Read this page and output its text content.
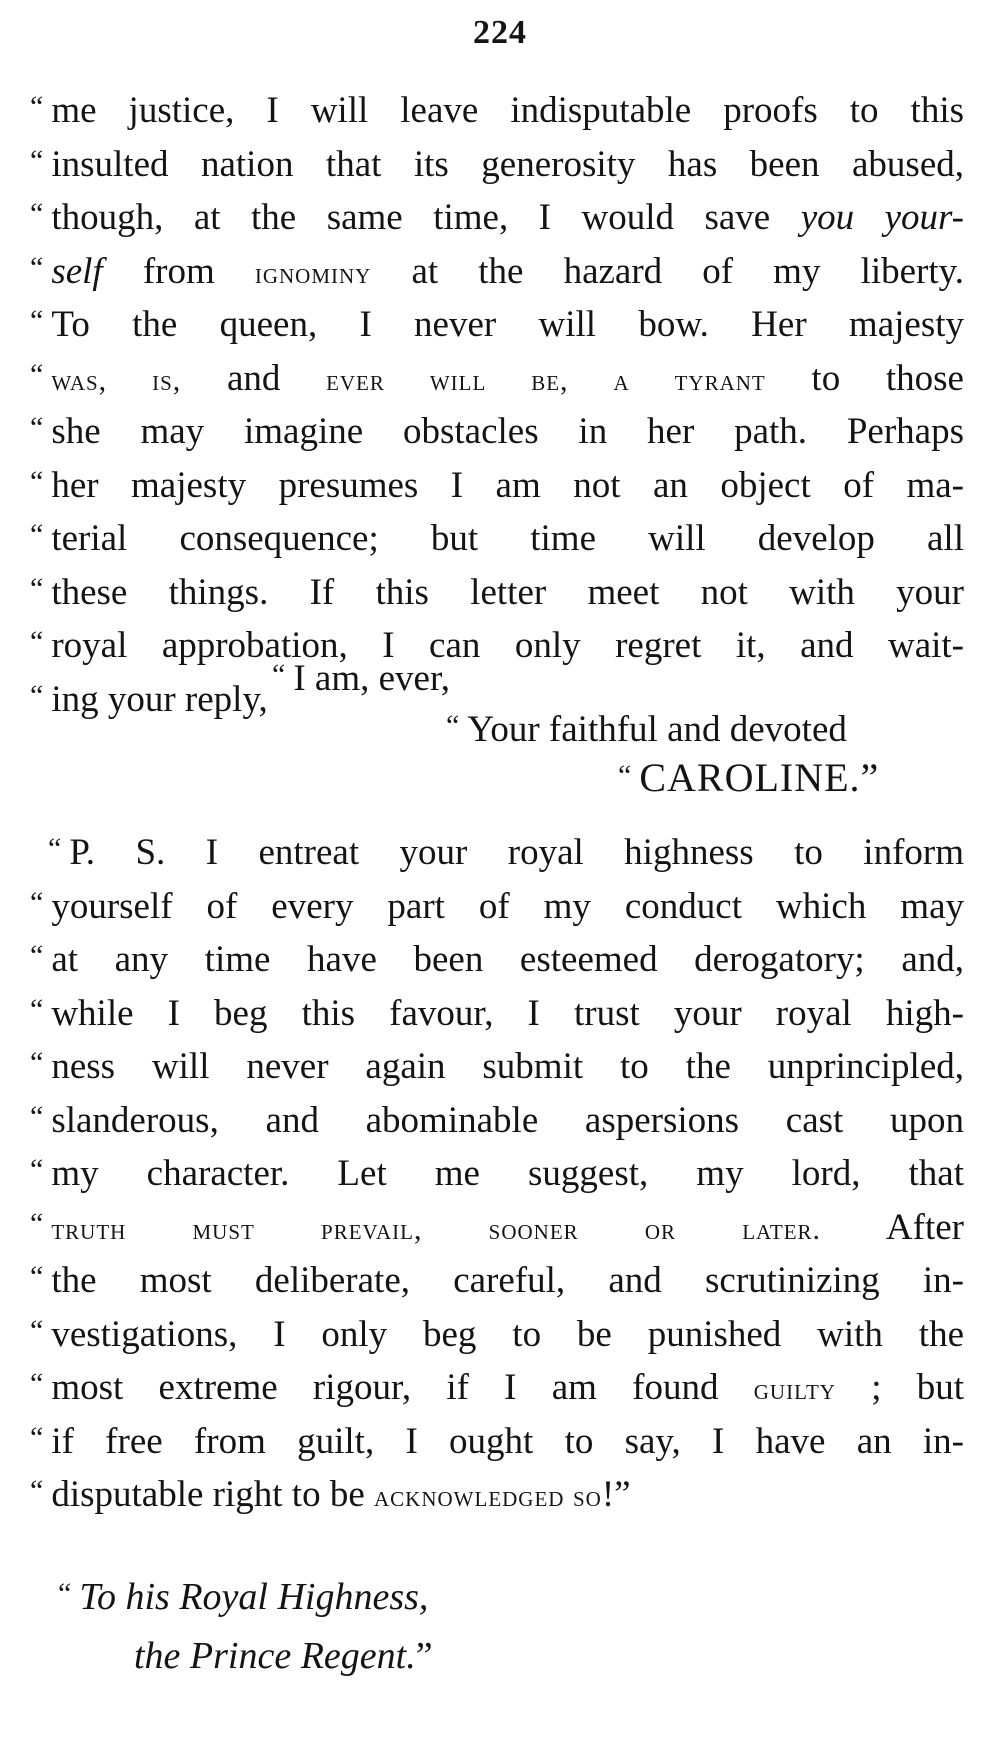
224
“ me justice, I will leave indisputable proofs to this
“ insulted nation that its generosity has been abused,
“ though, at the same time, I would save you your-
“ self from ignominy at the hazard of my liberty.
“ To the queen, I never will bow. Her majesty
“ was, is, and ever will be, a tyrant to those
“ she may imagine obstacles in her path. Perhaps
“ her majesty presumes I am not an object of ma-
“ terial consequence; but time will develop all
“ these things. If this letter meet not with your
“ royal approbation, I can only regret it, and wait-
“ ing your reply,
“ I am, ever,
“ Your faithful and devoted
“ CAROLINE.”
“ P. S. I entreat your royal highness to inform
“ yourself of every part of my conduct which may
“ at any time have been esteemed derogatory; and,
“ while I beg this favour, I trust your royal high-
“ ness will never again submit to the unprincipled,
“ slanderous, and abominable aspersions cast upon
“ my character. Let me suggest, my lord, that
“ truth must prevail, sooner or later. After
“ the most deliberate, careful, and scrutinizing in-
“ vestigations, I only beg to be punished with the
“ most extreme rigour, if I am found guilty ; but
“ if free from guilt, I ought to say, I have an in-
“ disputable right to be acknowledged so!”
“ To his Royal Highness,
the Prince Regent.”
